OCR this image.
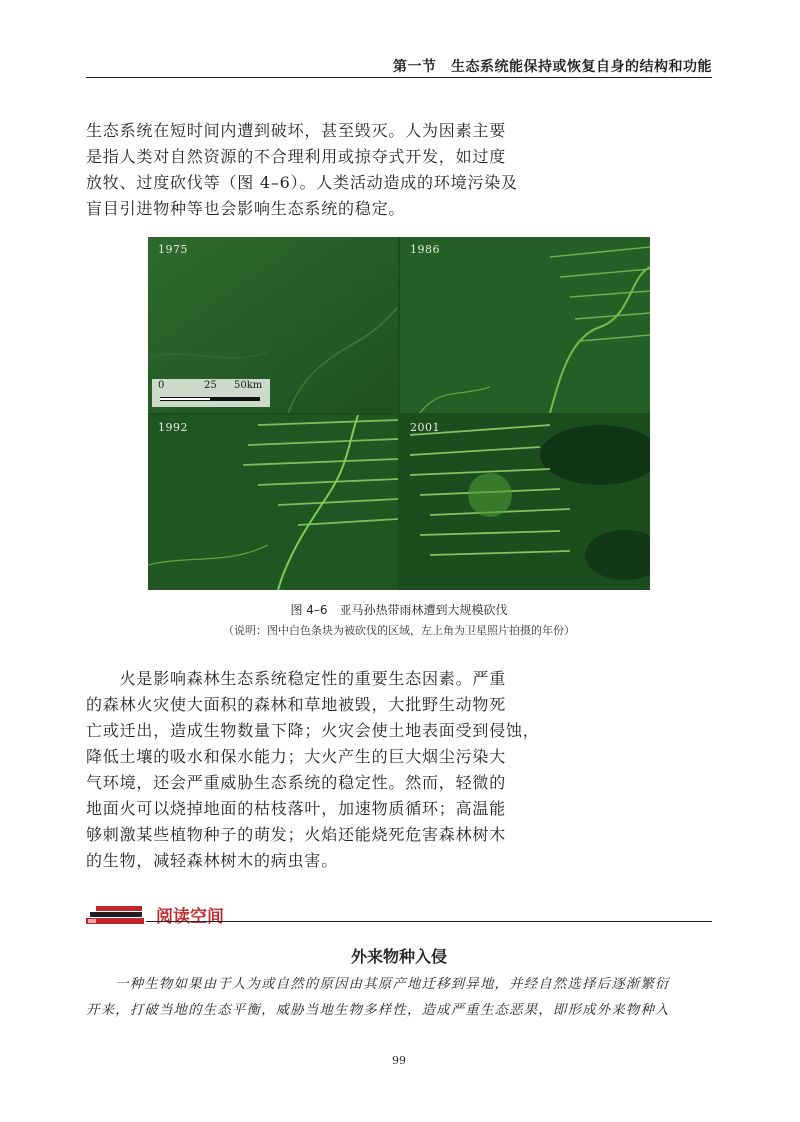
第一节　生态系统能保持或恢复自身的结构和功能
生态系统在短时间内遭到破坏，甚至毁灭。人为因素主要
是指人类对自然资源的不合理利用或掠夺式开发，如过度
放牧、过度砍伐等（图 4–6）。人类活动造成的环境污染及
盲目引进物种等也会影响生态系统的稳定。
1975
0	25 50km
1986
1992	2001
图 4–6　亚马孙热带雨林遭到大规模砍伐
（说明：图中白色条块为被砍伐的区域，左上角为卫星照片拍摄的年份）
　　火是影响森林生态系统稳定性的重要生态因素。严重
的森林火灾使大面积的森林和草地被毁，大批野生动物死
亡或迁出，造成生物数量下降；火灾会使土地表面受到侵蚀，
降低土壤的吸水和保水能力；大火产生的巨大烟尘污染大
气环境，还会严重威胁生态系统的稳定性。然而，轻微的
地面火可以烧掉地面的枯枝落叶，加速物质循环；高温能
够刺激某些植物种子的萌发；火焰还能烧死危害森林树木
的生物，减轻森林树木的病虫害。
阅读空间
外来物种入侵
　　一种生物如果由于人为或自然的原因由其原产地迁移到异地，并经自然选择后逐渐繁衍
开来，打破当地的生态平衡，威胁当地生物多样性，造成严重生态恶果，即形成外来物种入
99
